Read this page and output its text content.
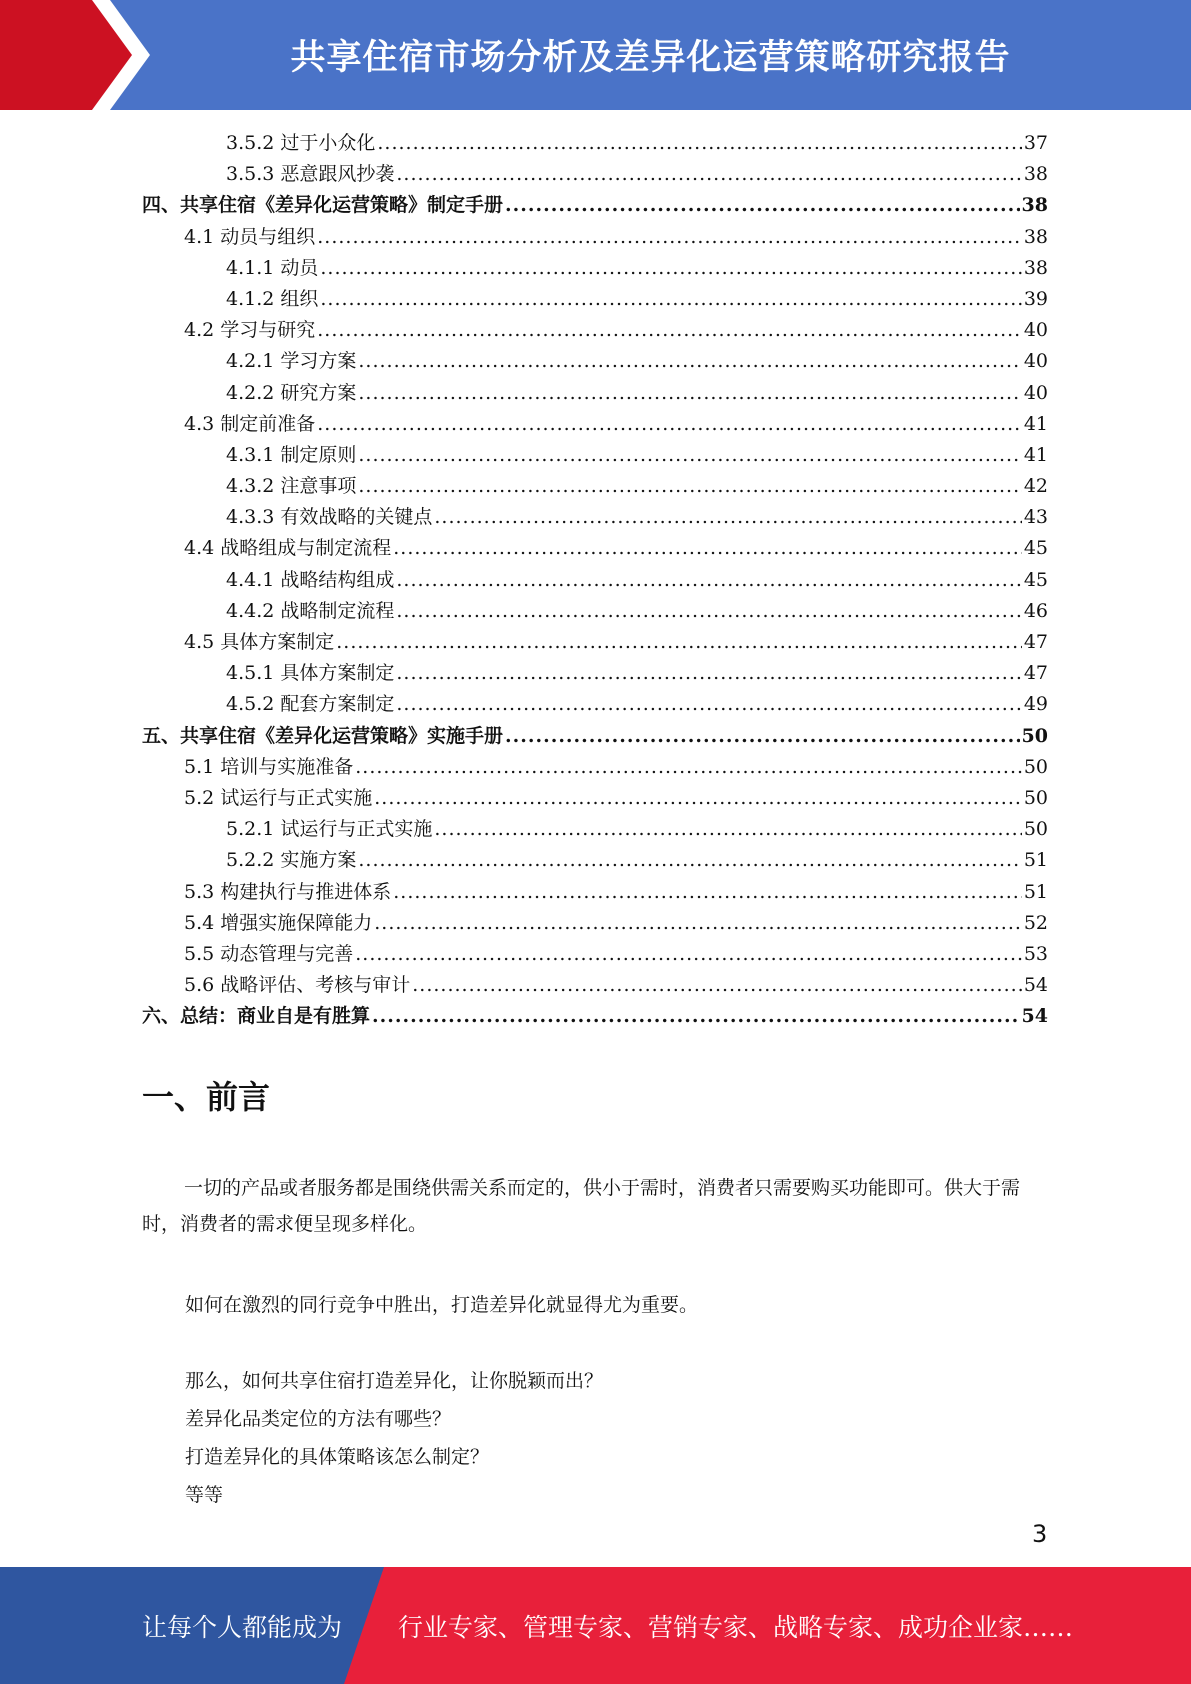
共享住宿市场分析及差异化运营策略研究报告
3.5.2 过于小众化 .....	37
3.5.3 恶意跟风抄袭 .....	38
四、共享住宿《差异化运营策略》制定手册 .....	38
4.1 动员与组织 .....	38
4.1.1 动员 .....	38
4.1.2 组织 .....	39
4.2 学习与研究 .....	40
4.2.1 学习方案 .....	40
4.2.2 研究方案 .....	40
4.3 制定前准备 .....	41
4.3.1 制定原则 .....	41
4.3.2 注意事项 .....	42
4.3.3 有效战略的关键点 .....	43
4.4 战略组成与制定流程 .....	45
4.4.1 战略结构组成 .....	45
4.4.2 战略制定流程 .....	46
4.5 具体方案制定 .....	47
4.5.1 具体方案制定 .....	47
4.5.2 配套方案制定 .....	49
五、共享住宿《差异化运营策略》实施手册 .....	50
5.1 培训与实施准备 .....	50
5.2 试运行与正式实施 .....	50
5.2.1 试运行与正式实施 .....	50
5.2.2 实施方案 .....	51
5.3 构建执行与推进体系 .....	51
5.4 增强实施保障能力 .....	52
5.5 动态管理与完善 .....	53
5.6 战略评估、考核与审计 .....	54
六、总结：商业自是有胜算 .....	54
一、前言

一切的产品或者服务都是围绕供需关系而定的，供小于需时，消费者只需要购买功能即可。供大于需时，消费者的需求便呈现多样化。

如何在激烈的同行竞争中胜出，打造差异化就显得尤为重要。

那么，如何共享住宿打造差异化，让你脱颖而出？

差异化品类定位的方法有哪些？

打造差异化的具体策略该怎么制定？

等等

3
让每个人都能成为 行业专家、管理专家、营销专家、战略专家、成功企业家……
